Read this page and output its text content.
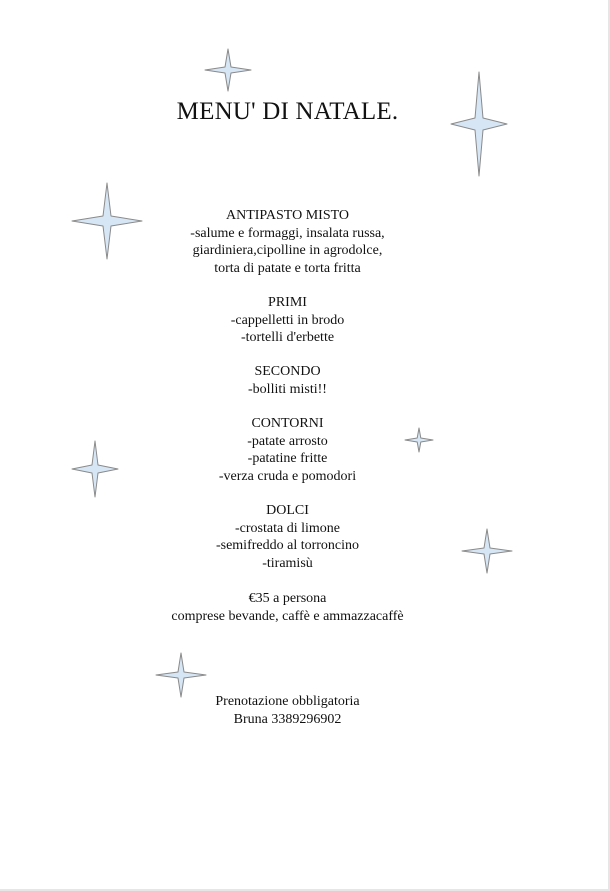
MENU' DI NATALE.
ANTIPASTO MISTO
-salume e formaggi, insalata russa,
giardiniera,cipolline in agrodolce,
torta di patate e torta fritta
PRIMI
-cappelletti in brodo
-tortelli d'erbette
SECONDO
-bolliti misti!!
CONTORNI
-patate arrosto
-patatine fritte
-verza cruda e pomodori
DOLCI
-crostata di limone
-semifreddo al torroncino
-tiramisù
€35 a persona
comprese bevande, caffè e ammazzacaffè
Prenotazione obbligatoria
Bruna 3389296902
